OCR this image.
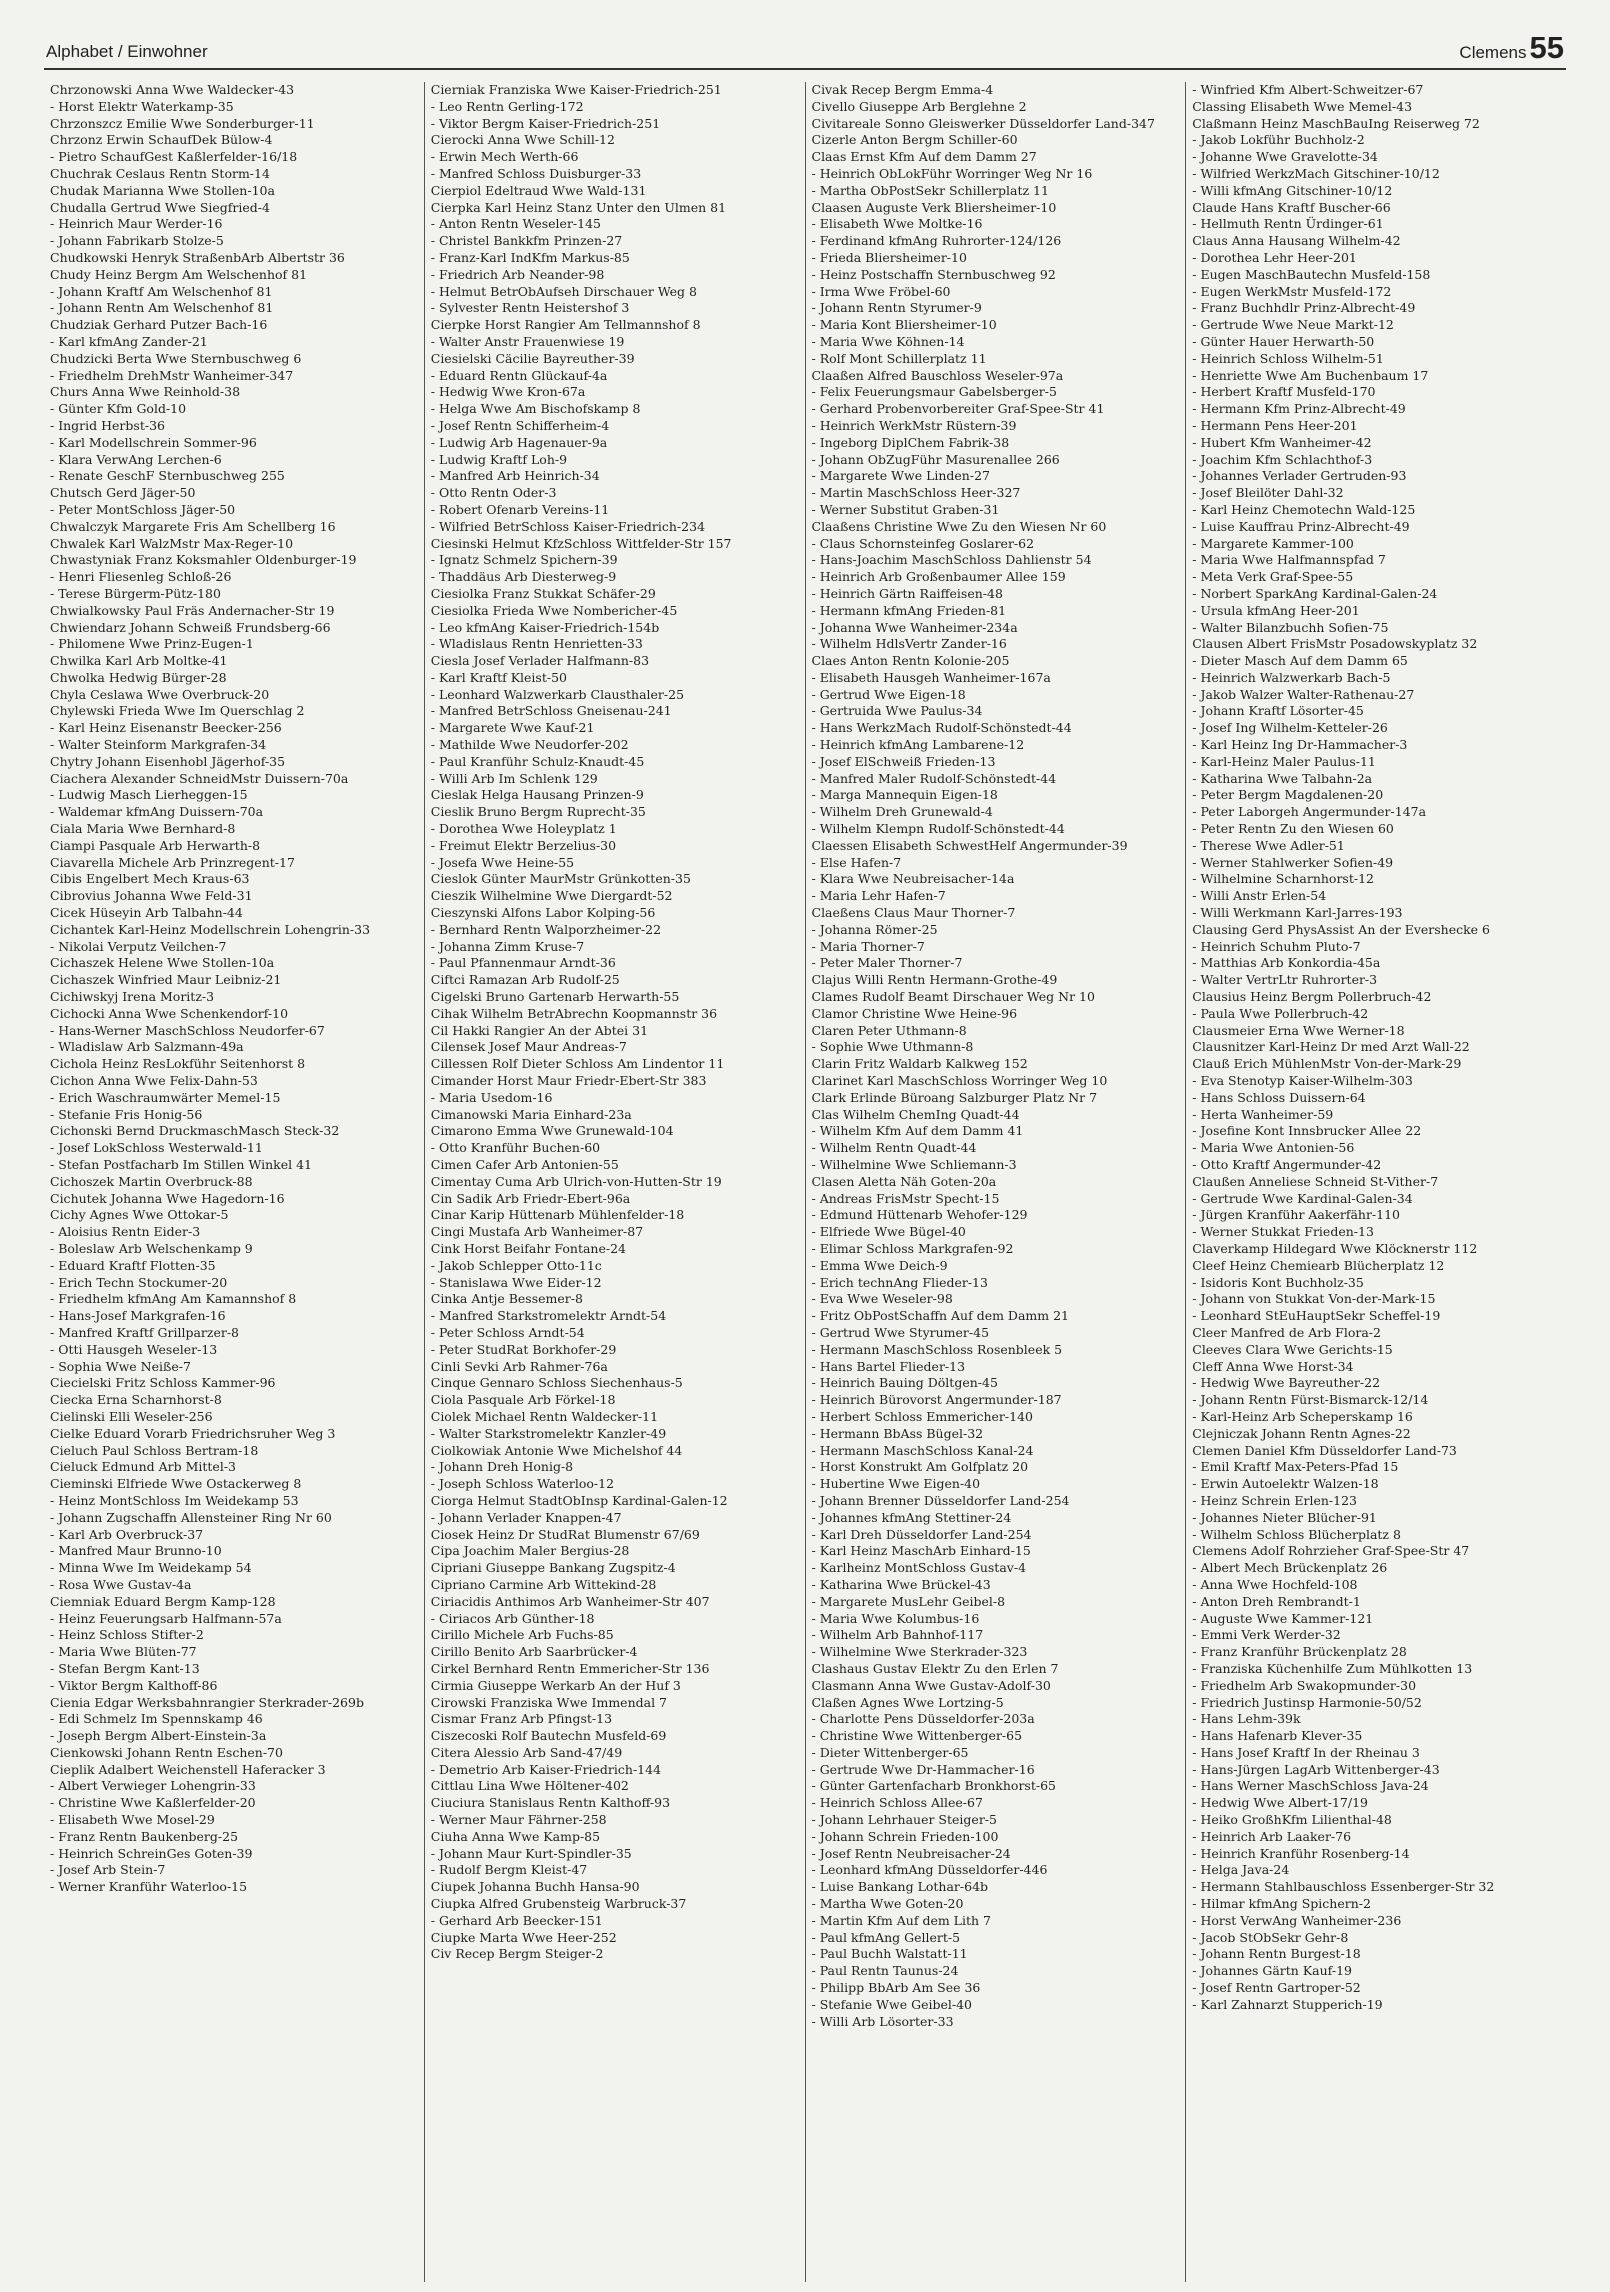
Alphabet / Einwohner	Clemens55
Chrzonowski Anna Wwe Waldecker-43
- Horst Elektr Waterkamp-35
Chrzonszcz Emilie Wwe Sonderburger-11
Chrzonz Erwin SchaufDek Bülow-4
- Pietro SchaufGest Kaßlerfelder-16/18
Chuchrak Ceslaus Rentn Storm-14
Chudak Marianna Wwe Stollen-10a
Chudalla Gertrud Wwe Siegfried-4
- Heinrich Maur Werder-16
- Johann Fabrikarb Stolze-5
Chudkowski Henryk StraßenbArb Albertstr 36
Chudy Heinz Bergm Am Welschenhof 81
- Johann Kraftf Am Welschenhof 81
- Johann Rentn Am Welschenhof 81
Chudziak Gerhard Putzer Bach-16
- Karl kfmAng Zander-21
Chudzicki Berta Wwe Sternbuschweg 6
- Friedhelm DrehMstr Wanheimer-347
Churs Anna Wwe Reinhold-38
- Günter Kfm Gold-10
- Ingrid Herbst-36
- Karl Modellschrein Sommer-96
- Klara VerwAng Lerchen-6
- Renate GeschF Sternbuschweg 255
Chutsch Gerd Jäger-50
- Peter MontSchloss Jäger-50
Chwalczyk Margarete Fris Am Schellberg 16
Chwalek Karl WalzMstr Max-Reger-10
Chwastyniak Franz Koksmahler Oldenburger-19
- Henri Fliesenleg Schloß-26
- Terese Bürgerm-Pütz-180
Chwialkowsky Paul Fräs Andernacher-Str 19
Chwiendarz Johann Schweiß Frundsberg-66
- Philomene Wwe Prinz-Eugen-1
Chwilka Karl Arb Moltke-41
Chwolka Hedwig Bürger-28
Chyla Ceslawa Wwe Overbruck-20
Chylewski Frieda Wwe Im Querschlag 2
- Karl Heinz Eisenanstr Beecker-256
- Walter Steinform Markgrafen-34
Chytry Johann Eisenhobl Jägerhof-35
Ciachera Alexander SchneidMstr Duissern-70a
- Ludwig Masch Lierheggen-15
- Waldemar kfmAng Duissern-70a
Ciala Maria Wwe Bernhard-8
Ciampi Pasquale Arb Herwarth-8
Ciavarella Michele Arb Prinzregent-17
Cibis Engelbert Mech Kraus-63
Cibrovius Johanna Wwe Feld-31
Cicek Hüseyin Arb Talbahn-44
Cichantek Karl-Heinz Modellschrein Lohengrin-33
- Nikolai Verputz Veilchen-7
Cichaszek Helene Wwe Stollen-10a
Cichaszek Winfried Maur Leibniz-21
Cichiwskyj Irena Moritz-3
Cichocki Anna Wwe Schenkendorf-10
- Hans-Werner MaschSchloss Neudorfer-67
- Wladislaw Arb Salzmann-49a
Cichola Heinz ResLokführ Seitenhorst 8
Cichon Anna Wwe Felix-Dahn-53
- Erich Waschraumwärter Memel-15
- Stefanie Fris Honig-56
Cichonski Bernd DruckmaschMasch Steck-32
- Josef LokSchloss Westerwald-11
- Stefan Postfacharb Im Stillen Winkel 41
Cichoszek Martin Overbruck-88
Cichutek Johanna Wwe Hagedorn-16
Cichy Agnes Wwe Ottokar-5
- Aloisius Rentn Eider-3
- Boleslaw Arb Welschenkamp 9
- Eduard Kraftf Flotten-35
- Erich Techn Stockumer-20
- Friedhelm kfmAng Am Kamannshof 8
- Hans-Josef Markgrafen-16
- Manfred Kraftf Grillparzer-8
- Otti Hausgeh Weseler-13
- Sophia Wwe Neiße-7
Ciecielski Fritz Schloss Kammer-96
Ciecka Erna Scharnhorst-8
Cielinski Elli Weseler-256
Cielke Eduard Vorarb Friedrichsruher Weg 3
Cieluch Paul Schloss Bertram-18
Cieluck Edmund Arb Mittel-3
Cieminski Elfriede Wwe Ostackerweg 8
- Heinz MontSchloss Im Weidekamp 53
- Johann Zugschaffn Allensteiner Ring Nr 60
- Karl Arb Overbruck-37
- Manfred Maur Brunno-10
- Minna Wwe Im Weidekamp 54
- Rosa Wwe Gustav-4a
Ciemniak Eduard Bergm Kamp-128
- Heinz Feuerungsarb Halfmann-57a
- Heinz Schloss Stifter-2
- Maria Wwe Blüten-77
- Stefan Bergm Kant-13
- Viktor Bergm Kalthoff-86
Cienia Edgar Werksbahnrangier Sterkrader-269b
- Edi Schmelz Im Spennskamp 46
- Joseph Bergm Albert-Einstein-3a
Cienkowski Johann Rentn Eschen-70
Cieplik Adalbert Weichenstell Haferacker 3
- Albert Verwieger Lohengrin-33
- Christine Wwe Kaßlerfelder-20
- Elisabeth Wwe Mosel-29
- Franz Rentn Baukenberg-25
- Heinrich SchreinGes Goten-39
- Josef Arb Stein-7
- Werner Kranführ Waterloo-15
Cierniak Franziska Wwe Kaiser-Friedrich-251
- Leo Rentn Gerling-172
- Viktor Bergm Kaiser-Friedrich-251
Cierocki Anna Wwe Schill-12
- Erwin Mech Werth-66
- Manfred Schloss Duisburger-33
Cierpiol Edeltraud Wwe Wald-131
Cierpka Karl Heinz Stanz Unter den Ulmen 81
- Anton Rentn Weseler-145
- Christel Bankkfm Prinzen-27
- Franz-Karl IndKfm Markus-85
- Friedrich Arb Neander-98
- Helmut BetrObAufseh Dirschauer Weg 8
- Sylvester Rentn Heistershof 3
Cierpke Horst Rangier Am Tellmannshof 8
- Walter Anstr Frauenwiese 19
Ciesielski Cäcilie Bayreuther-39
- Eduard Rentn Glückauf-4a
- Hedwig Wwe Kron-67a
- Helga Wwe Am Bischofskamp 8
- Josef Rentn Schifferheim-4
- Ludwig Arb Hagenauer-9a
- Ludwig Kraftf Loh-9
- Manfred Arb Heinrich-34
- Otto Rentn Oder-3
- Robert Ofenarb Vereins-11
- Wilfried BetrSchloss Kaiser-Friedrich-234
Ciesinski Helmut KfzSchloss Wittfelder-Str 157
- Ignatz Schmelz Spichern-39
- Thaddäus Arb Diesterweg-9
Ciesiolka Franz Stukkat Schäfer-29
Ciesiolka Frieda Wwe Nombericher-45
- Leo kfmAng Kaiser-Friedrich-154b
- Wladislaus Rentn Henrietten-33
Ciesla Josef Verlader Halfmann-83
- Karl Kraftf Kleist-50
- Leonhard Walzwerkarb Clausthaler-25
- Manfred BetrSchloss Gneisenau-241
- Margarete Wwe Kauf-21
- Mathilde Wwe Neudorfer-202
- Paul Kranführ Schulz-Knaudt-45
- Willi Arb Im Schlenk 129
Cieslak Helga Hausang Prinzen-9
Cieslik Bruno Bergm Ruprecht-35
- Dorothea Wwe Holeyplatz 1
- Freimut Elektr Berzelius-30
- Josefa Wwe Heine-55
Cieslok Günter MaurMstr Grünkotten-35
Cieszik Wilhelmine Wwe Diergardt-52
Cieszynski Alfons Labor Kolping-56
- Bernhard Rentn Walporzheimer-22
- Johanna Zimm Kruse-7
- Paul Pfannenmaur Arndt-36
Ciftci Ramazan Arb Rudolf-25
Cigelski Bruno Gartenarb Herwarth-55
Cihak Wilhelm BetrAbrechn Koopmannstr 36
Cil Hakki Rangier An der Abtei 31
Cilensek Josef Maur Andreas-7
Cillessen Rolf Dieter Schloss Am Lindentor 11
Cimander Horst Maur Friedr-Ebert-Str 383
- Maria Usedom-16
Cimanowski Maria Einhard-23a
Cimarono Emma Wwe Grunewald-104
- Otto Kranführ Buchen-60
Cimen Cafer Arb Antonien-55
Cimentay Cuma Arb Ulrich-von-Hutten-Str 19
Cin Sadik Arb Friedr-Ebert-96a
Cinar Karip Hüttenarb Mühlenfelder-18
Cingi Mustafa Arb Wanheimer-87
Cink Horst Beifahr Fontane-24
- Jakob Schlepper Otto-11c
- Stanislawa Wwe Eider-12
Cinka Antje Bessemer-8
- Manfred Starkstromelektr Arndt-54
- Peter Schloss Arndt-54
- Peter StudRat Borkhofer-29
Cinli Sevki Arb Rahmer-76a
Cinque Gennaro Schloss Siechenhaus-5
Ciola Pasquale Arb Förkel-18
Ciolek Michael Rentn Waldecker-11
- Walter Starkstromelektr Kanzler-49
Ciolkowiak Antonie Wwe Michelshof 44
- Johann Dreh Honig-8
- Joseph Schloss Waterloo-12
Ciorga Helmut StadtObInsp Kardinal-Galen-12
- Johann Verlader Knappen-47
Ciosek Heinz Dr StudRat Blumenstr 67/69
Cipa Joachim Maler Bergius-28
Cipriani Giuseppe Bankang Zugspitz-4
Cipriano Carmine Arb Wittekind-28
Ciriacidis Anthimos Arb Wanheimer-Str 407
- Ciriacos Arb Günther-18
Cirillo Michele Arb Fuchs-85
Cirillo Benito Arb Saarbrücker-4
Cirkel Bernhard Rentn Emmericher-Str 136
Cirmia Giuseppe Werkarb An der Huf 3
Cirowski Franziska Wwe Immendal 7
Cismar Franz Arb Pfingst-13
Ciszecoski Rolf Bautechn Musfeld-69
Citera Alessio Arb Sand-47/49
- Demetrio Arb Kaiser-Friedrich-144
Cittlau Lina Wwe Höltener-402
Ciuciura Stanislaus Rentn Kalthoff-93
- Werner Maur Fährner-258
Ciuha Anna Wwe Kamp-85
- Johann Maur Kurt-Spindler-35
- Rudolf Bergm Kleist-47
Ciupek Johanna Buchh Hansa-90
Ciupka Alfred Grubensteig Warbruck-37
- Gerhard Arb Beecker-151
Ciupke Marta Wwe Heer-252
Civ Recep Bergm Steiger-2
Civak Recep Bergm Emma-4
Civello Giuseppe Arb Berglehne 2
Civitareale Sonno Gleiswerker Düsseldorfer Land-347
Cizerle Anton Bergm Schiller-60
Claas Ernst Kfm Auf dem Damm 27
- Heinrich ObLokFühr Worringer Weg Nr 16
- Martha ObPostSekr Schillerplatz 11
Claasen Auguste Verk Bliersheimer-10
- Elisabeth Wwe Moltke-16
- Ferdinand kfmAng Ruhrorter-124/126
- Frieda Bliersheimer-10
- Heinz Postschaffn Sternbuschweg 92
- Irma Wwe Fröbel-60
- Johann Rentn Styrumer-9
- Maria Kont Bliersheimer-10
- Maria Wwe Köhnen-14
- Rolf Mont Schillerplatz 11
Claaßen Alfred Bauschloss Weseler-97a
- Felix Feuerungsmaur Gabelsberger-5
- Gerhard Probenvorbereiter Graf-Spee-Str 41
- Heinrich WerkMstr Rüstern-39
- Ingeborg DiplChem Fabrik-38
- Johann ObZugFühr Masurenallee 266
- Margarete Wwe Linden-27
- Martin MaschSchloss Heer-327
- Werner Substitut Graben-31
Claaßens Christine Wwe Zu den Wiesen Nr 60
- Claus Schornsteinfeg Goslarer-62
- Hans-Joachim MaschSchloss Dahlienstr 54
- Heinrich Arb Großenbaumer Allee 159
- Heinrich Gärtn Raiffeisen-48
- Hermann kfmAng Frieden-81
- Johanna Wwe Wanheimer-234a
- Wilhelm HdlsVertr Zander-16
Claes Anton Rentn Kolonie-205
- Elisabeth Hausgeh Wanheimer-167a
- Gertrud Wwe Eigen-18
- Gertruida Wwe Paulus-34
- Hans WerkzMach Rudolf-Schönstedt-44
- Heinrich kfmAng Lambarene-12
- Josef ElSchweiß Frieden-13
- Manfred Maler Rudolf-Schönstedt-44
- Marga Mannequin Eigen-18
- Wilhelm Dreh Grunewald-4
- Wilhelm Klempn Rudolf-Schönstedt-44
Claessen Elisabeth SchwestHelf Angermunder-39
- Else Hafen-7
- Klara Wwe Neubreisacher-14a
- Maria Lehr Hafen-7
Claeßens Claus Maur Thorner-7
- Johanna Römer-25
- Maria Thorner-7
- Peter Maler Thorner-7
Clajus Willi Rentn Hermann-Grothe-49
Clames Rudolf Beamt Dirschauer Weg Nr 10
Clamor Christine Wwe Heine-96
Claren Peter Uthmann-8
- Sophie Wwe Uthmann-8
Clarin Fritz Waldarb Kalkweg 152
Clarinet Karl MaschSchloss Worringer Weg 10
Clark Erlinde Büroang Salzburger Platz Nr 7
Clas Wilhelm ChemIng Quadt-44
- Wilhelm Kfm Auf dem Damm 41
- Wilhelm Rentn Quadt-44
- Wilhelmine Wwe Schliemann-3
Clasen Aletta Näh Goten-20a
- Andreas FrisMstr Specht-15
- Edmund Hüttenarb Wehofer-129
- Elfriede Wwe Bügel-40
- Elimar Schloss Markgrafen-92
- Emma Wwe Deich-9
- Erich technAng Flieder-13
- Eva Wwe Weseler-98
- Fritz ObPostSchaffn Auf dem Damm 21
- Gertrud Wwe Styrumer-45
- Hermann MaschSchloss Rosenbleek 5
- Hans Bartel Flieder-13
- Heinrich Bauing Döltgen-45
- Heinrich Bürovorst Angermunder-187
- Herbert Schloss Emmericher-140
- Hermann BbAss Bügel-32
- Hermann MaschSchloss Kanal-24
- Horst Konstrukt Am Golfplatz 20
- Hubertine Wwe Eigen-40
- Johann Brenner Düsseldorfer Land-254
- Johannes kfmAng Stettiner-24
- Karl Dreh Düsseldorfer Land-254
- Karl Heinz MaschArb Einhard-15
- Karlheinz MontSchloss Gustav-4
- Katharina Wwe Brückel-43
- Margarete MusLehr Geibel-8
- Maria Wwe Kolumbus-16
- Wilhelm Arb Bahnhof-117
- Wilhelmine Wwe Sterkrader-323
Clashaus Gustav Elektr Zu den Erlen 7
Clasmann Anna Wwe Gustav-Adolf-30
Claßen Agnes Wwe Lortzing-5
- Charlotte Pens Düsseldorfer-203a
- Christine Wwe Wittenberger-65
- Dieter Wittenberger-65
- Gertrude Wwe Dr-Hammacher-16
- Günter Gartenfacharb Bronkhorst-65
- Heinrich Schloss Allee-67
- Johann Lehrhauer Steiger-5
- Johann Schrein Frieden-100
- Josef Rentn Neubreisacher-24
- Leonhard kfmAng Düsseldorfer-446
- Luise Bankang Lothar-64b
- Martha Wwe Goten-20
- Martin Kfm Auf dem Lith 7
- Paul kfmAng Gellert-5
- Paul Buchh Walstatt-11
- Paul Rentn Taunus-24
- Philipp BbArb Am See 36
- Stefanie Wwe Geibel-40
- Willi Arb Lösorter-33
- Winfried Kfm Albert-Schweitzer-67
Classing Elisabeth Wwe Memel-43
Claßmann Heinz MaschBauIng Reiserweg 72
- Jakob Lokführ Buchholz-2
- Johanne Wwe Gravelotte-34
- Wilfried WerkzMach Gitschiner-10/12
- Willi kfmAng Gitschiner-10/12
Claude Hans Kraftf Buscher-66
- Hellmuth Rentn Ürdinger-61
Claus Anna Hausang Wilhelm-42
- Dorothea Lehr Heer-201
- Eugen MaschBautechn Musfeld-158
- Eugen WerkMstr Musfeld-172
- Franz Buchhdlr Prinz-Albrecht-49
- Gertrude Wwe Neue Markt-12
- Günter Hauer Herwarth-50
- Heinrich Schloss Wilhelm-51
- Henriette Wwe Am Buchenbaum 17
- Herbert Kraftf Musfeld-170
- Hermann Kfm Prinz-Albrecht-49
- Hermann Pens Heer-201
- Hubert Kfm Wanheimer-42
- Joachim Kfm Schlachthof-3
- Johannes Verlader Gertruden-93
- Josef Bleilöter Dahl-32
- Karl Heinz Chemotechn Wald-125
- Luise Kauffrau Prinz-Albrecht-49
- Margarete Kammer-100
- Maria Wwe Halfmannspfad 7
- Meta Verk Graf-Spee-55
- Norbert SparkAng Kardinal-Galen-24
- Ursula kfmAng Heer-201
- Walter Bilanzbuchh Sofien-75
Clausen Albert FrisMstr Posadowskyplatz 32
- Dieter Masch Auf dem Damm 65
- Heinrich Walzwerkarb Bach-5
- Jakob Walzer Walter-Rathenau-27
- Johann Kraftf Lösorter-45
- Josef Ing Wilhelm-Ketteler-26
- Karl Heinz Ing Dr-Hammacher-3
- Karl-Heinz Maler Paulus-11
- Katharina Wwe Talbahn-2a
- Peter Bergm Magdalenen-20
- Peter Laborgeh Angermunder-147a
- Peter Rentn Zu den Wiesen 60
- Therese Wwe Adler-51
- Werner Stahlwerker Sofien-49
- Wilhelmine Scharnhorst-12
- Willi Anstr Erlen-54
- Willi Werkmann Karl-Jarres-193
Clausing Gerd PhysAssist An der Evershecke 6
- Heinrich Schuhm Pluto-7
- Matthias Arb Konkordia-45a
- Walter VertrLtr Ruhrorter-3
Clausius Heinz Bergm Pollerbruch-42
- Paula Wwe Pollerbruch-42
Clausmeier Erna Wwe Werner-18
Clausnitzer Karl-Heinz Dr med Arzt Wall-22
Clauß Erich MühlenMstr Von-der-Mark-29
- Eva Stenotyp Kaiser-Wilhelm-303
- Hans Schloss Duissern-64
- Herta Wanheimer-59
- Josefine Kont Innsbrucker Allee 22
- Maria Wwe Antonien-56
- Otto Kraftf Angermunder-42
Claußen Anneliese Schneid St-Vither-7
- Gertrude Wwe Kardinal-Galen-34
- Jürgen Kranführ Aakerfähr-110
- Werner Stukkat Frieden-13
Claverkamp Hildegard Wwe Klöcknerstr 112
Cleef Heinz Chemiearb Blücherplatz 12
- Isidoris Kont Buchholz-35
- Johann von Stukkat Von-der-Mark-15
- Leonhard StEuHauptSekr Scheffel-19
Cleer Manfred de Arb Flora-2
Cleeves Clara Wwe Gerichts-15
Cleff Anna Wwe Horst-34
- Hedwig Wwe Bayreuther-22
- Johann Rentn Fürst-Bismarck-12/14
- Karl-Heinz Arb Scheperskamp 16
Clejniczak Johann Rentn Agnes-22
Clemen Daniel Kfm Düsseldorfer Land-73
- Emil Kraftf Max-Peters-Pfad 15
- Erwin Autoelektr Walzen-18
- Heinz Schrein Erlen-123
- Johannes Nieter Blücher-91
- Wilhelm Schloss Blücherplatz 8
Clemens Adolf Rohrzieher Graf-Spee-Str 47
- Albert Mech Brückenplatz 26
- Anna Wwe Hochfeld-108
- Anton Dreh Rembrandt-1
- Auguste Wwe Kammer-121
- Emmi Verk Werder-32
- Franz Kranführ Brückenplatz 28
- Franziska Küchenhilfe Zum Mühlkotten 13
- Friedhelm Arb Swakopmunder-30
- Friedrich Justinsp Harmonie-50/52
- Hans Lehm-39k
- Hans Hafenarb Klever-35
- Hans Josef Kraftf In der Rheinau 3
- Hans-Jürgen LagArb Wittenberger-43
- Hans Werner MaschSchloss Java-24
- Hedwig Wwe Albert-17/19
- Heiko GroßhKfm Lilienthal-48
- Heinrich Arb Laaker-76
- Heinrich Kranführ Rosenberg-14
- Helga Java-24
- Hermann Stahlbauschloss Essenberger-Str 32
- Hilmar kfmAng Spichern-2
- Horst VerwAng Wanheimer-236
- Jacob StObSekr Gehr-8
- Johann Rentn Burgest-18
- Johannes Gärtn Kauf-19
- Josef Rentn Gartroper-52
- Karl Zahnarzt Stupperich-19
